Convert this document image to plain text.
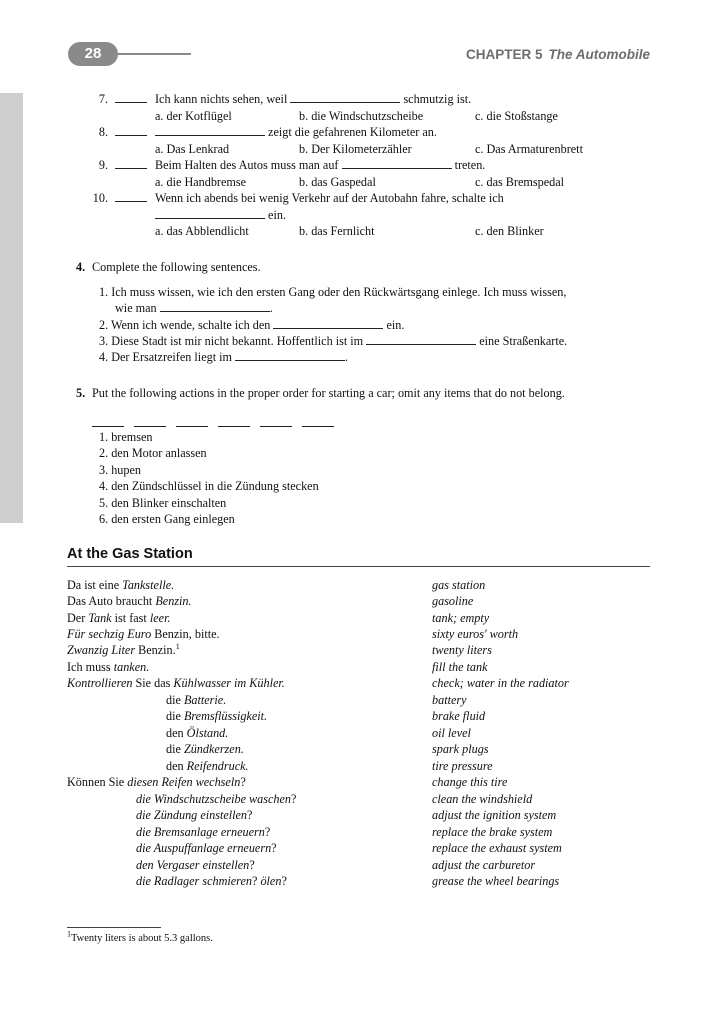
28	CHAPTER 5 The Automobile
7.	Ich kann nichts sehen, weil	schmutzig ist.
a. der Kotflügel	b. die Windschutzscheibe	c. die Stoßstange
8.	zeigt die gefahrenen Kilometer an.
a. Das Lenkrad	b. Der Kilometerzähler	c. Das Armaturenbrett
9.	Beim Halten des Autos muss man auf	treten.
a. die Handbremse	b. das Gaspedal	c. das Bremspedal
10.	Wenn ich abends bei wenig Verkehr auf der Autobahn fahre, schalte ich
ein.
a. das Abblendlicht	b. das Fernlicht	c. den Blinker
4. Complete the following sentences.
1. Ich muss wissen, wie ich den ersten Gang oder den Rückwärtsgang einlege. Ich muss wissen,
wie man	.
2. Wenn ich wende, schalte ich den	ein.
3. Diese Stadt ist mir nicht bekannt. Hoffentlich ist im	eine Straßenkarte.
4. Der Ersatzreifen liegt im	.
5. Put the following actions in the proper order for starting a car; omit any items that do not belong.
1. bremsen
2. den Motor anlassen
3. hupen
4. den Zündschlüssel in die Zündung stecken
5. den Blinker einschalten
6. den ersten Gang einlegen
At the Gas Station
Da ist eine Tankstelle.	gas station
Das Auto braucht Benzin.	gasoline
Der Tank ist fast leer.	tank; empty
Für sechzig Euro Benzin, bitte.	sixty euros' worth
Zwanzig Liter Benzin.$^1$	twenty liters
Ich muss tanken.	fill the tank
Kontrollieren Sie das Kühlwasser im Kühler.	check; water in the radiator
die Batterie.	battery
die Bremsflüssigkeit.	brake fluid
den Ölstand.	oil level
die Zündkerzen.	spark plugs
den Reifendruck.	tire pressure
Können Sie diesen Reifen wechseln?	change this tire
die Windschutzscheibe waschen?	clean the windshield
die Zündung einstellen?	adjust the ignition system
die Bremsanlage erneuern?	replace the brake system
die Auspuffanlage erneuern?	replace the exhaust system
den Vergaser einstellen?	adjust the carburetor
die Radlager schmieren? ölen?	grease the wheel bearings
$^1$Twenty liters is about 5.3 gallons.
